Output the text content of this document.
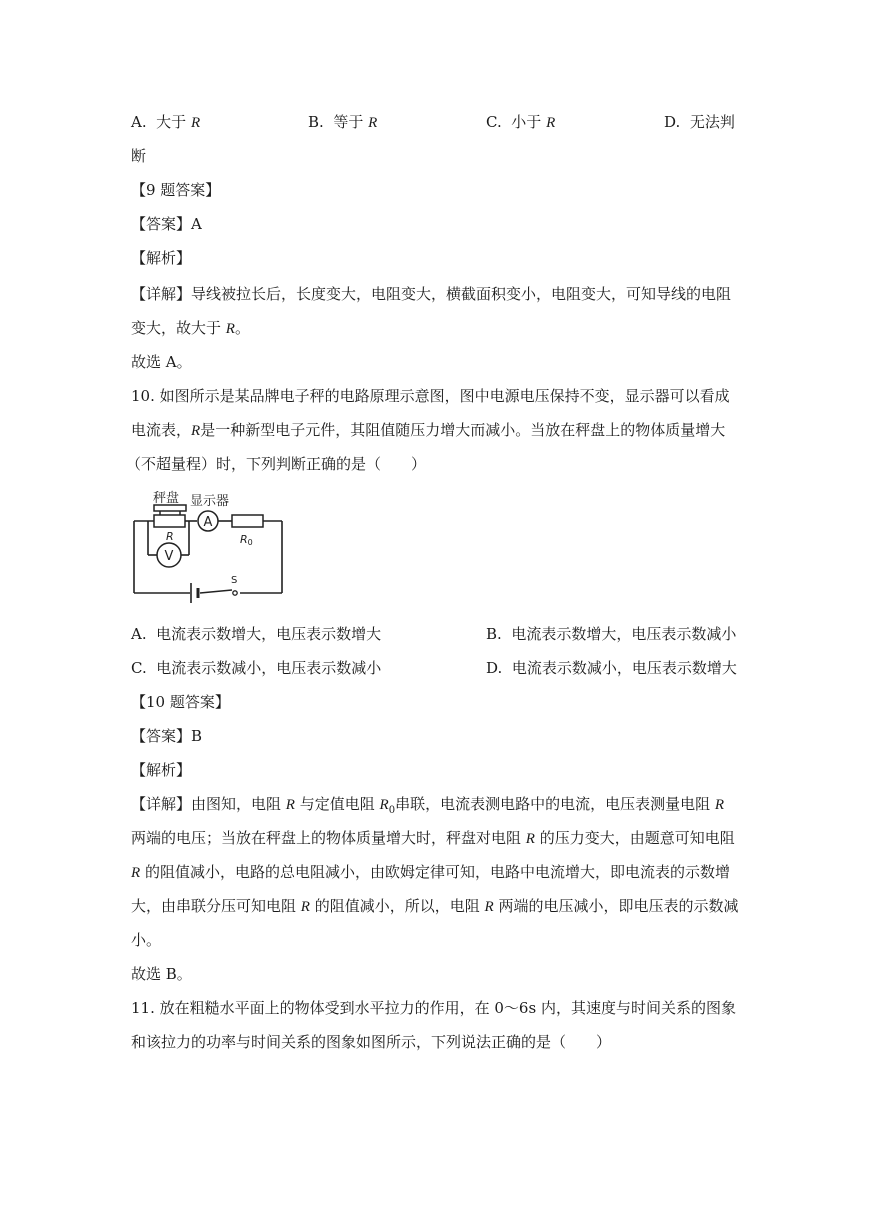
A. 大于 R	B. 等于 R	C. 小于 R	D. 无法判
断
【9 题答案】
【答案】A
【解析】
【详解】导线被拉长后，长度变大，电阻变大，横截面积变小，电阻变大，可知导线的电阻
变大，故大于 R。
故选 A。
10. 如图所示是某品牌电子秤的电路原理示意图，图中电源电压保持不变，显示器可以看成
电流表，R是一种新型电子元件，其阻值随压力增大而减小。当放在秤盘上的物体质量增大
（不超量程）时，下列判断正确的是（　　）
A
V
秤盘 显示器
R	R0
S
A. 电流表示数增大，电压表示数增大	B. 电流表示数增大，电压表示数减小
C. 电流表示数减小，电压表示数减小	D. 电流表示数减小，电压表示数增大
【10 题答案】
【答案】B
【解析】
【详解】由图知，电阻 R 与定值电阻 $R_0$串联，电流表测电路中的电流，电压表测量电阻 R
两端的电压；当放在秤盘上的物体质量增大时，秤盘对电阻 R 的压力变大，由题意可知电阻
R 的阻值减小，电路的总电阻减小，由欧姆定律可知，电路中电流增大，即电流表的示数增
大，由串联分压可知电阻 R 的阻值减小，所以，电阻 R 两端的电压减小，即电压表的示数减
小。
故选 B。
11. 放在粗糙水平面上的物体受到水平拉力的作用，在 0～6s 内，其速度与时间关系的图象
和该拉力的功率与时间关系的图象如图所示，下列说法正确的是（　　）
